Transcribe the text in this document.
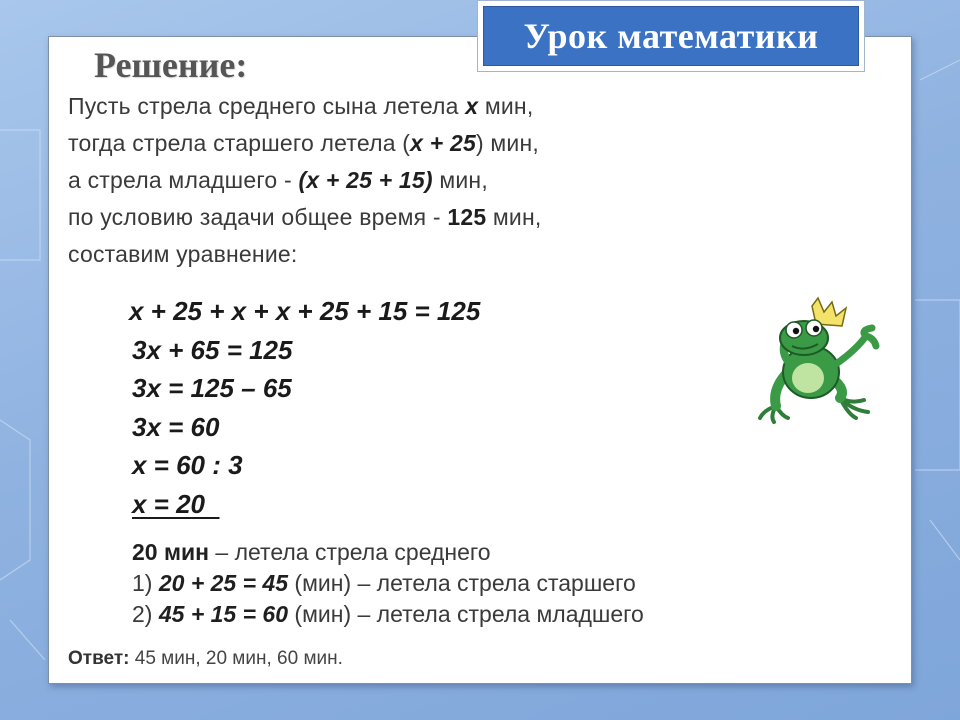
Урок математики
Решение:
Пусть стрела среднего сына летела х мин,
тогда стрела старшего летела (х + 25) мин,
а стрела младшего - (х + 25 + 15) мин,
по условию задачи общее время - 125 мин,
составим уравнение:
х + 25 + х + х + 25 + 15 = 125
3х + 65 = 125
3х = 125 – 65
3х = 60
х = 60 : 3
х = 20
20 мин – летела стрела среднего
1) 20 + 25 = 45 (мин) – летела стрела старшего
2) 45 + 15 = 60 (мин) – летела стрела младшего
Ответ: 45 мин, 20 мин, 60 мин.
